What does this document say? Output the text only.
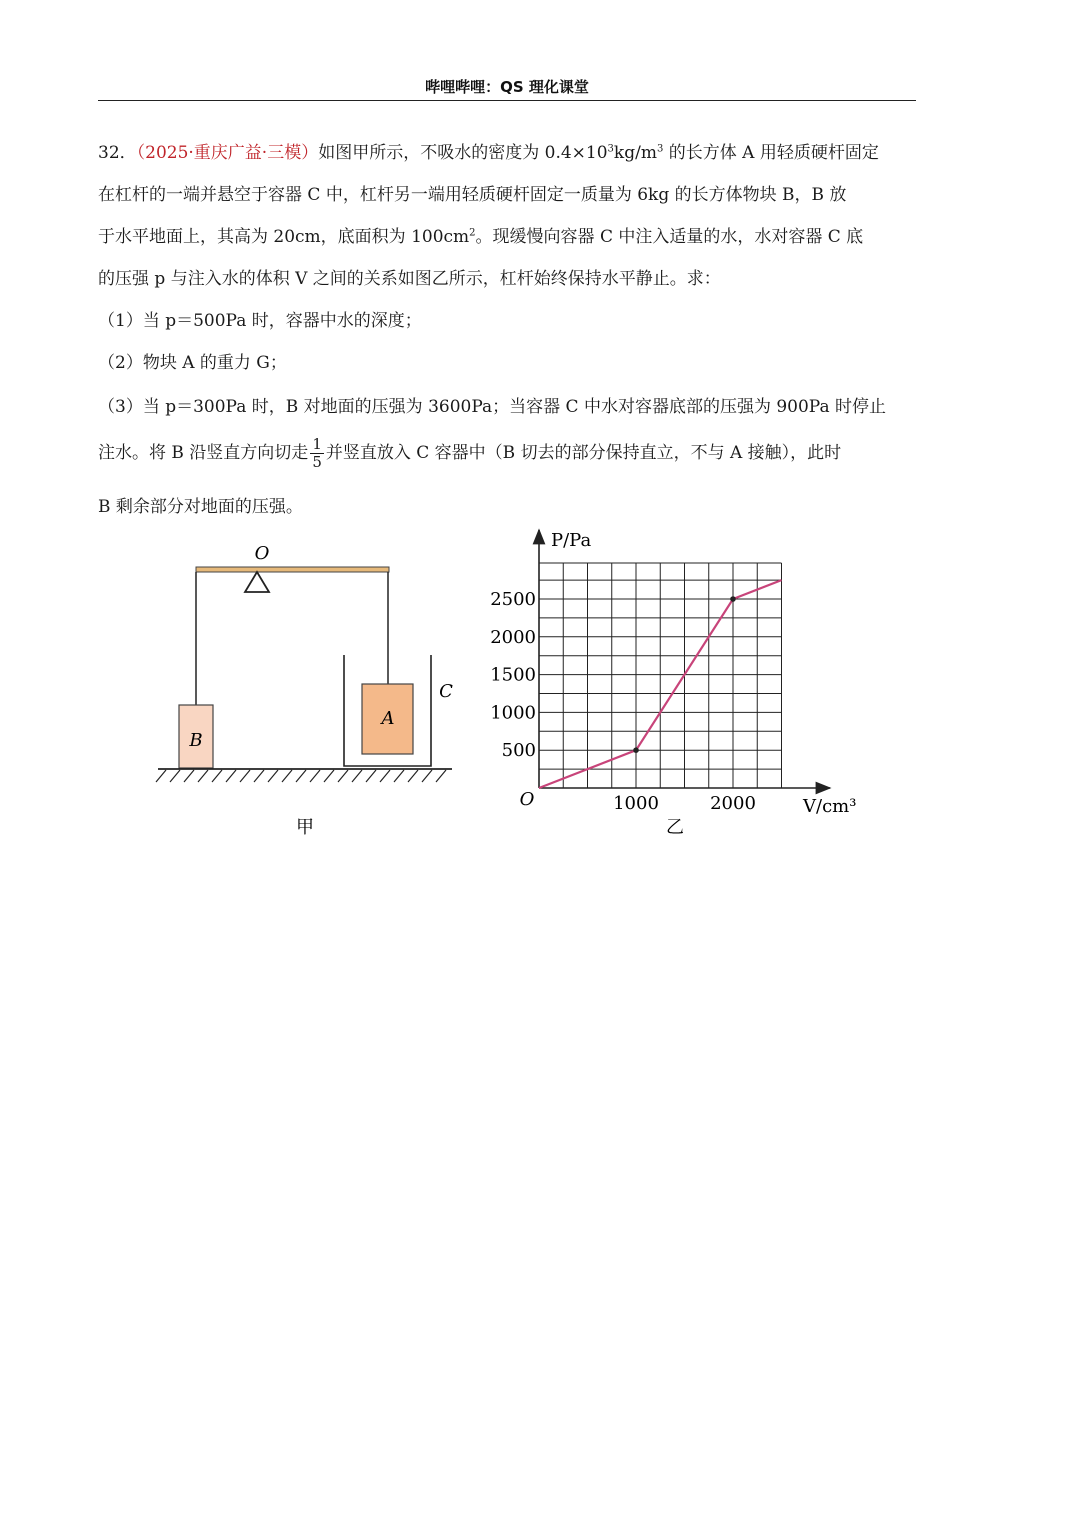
哔哩哔哩：QS 理化课堂
32．（2025·重庆广益·三模）如图甲所示，不吸水的密度为 $0.4\times 10^3kg/m^3$ 的长方体 A 用轻质硬杆固定
在杠杆的一端并悬空于容器 C 中，杠杆另一端用轻质硬杆固定一质量为 6kg 的长方体物块 B，B 放
于水平地面上，其高为 20cm，底面积为 $100cm^2$。现缓慢向容器 C 中注入适量的水，水对容器 C 底
的压强 p 与注入水的体积 V 之间的关系如图乙所示，杠杆始终保持水平静止。求：
（1）当 p＝500Pa 时，容器中水的深度；
（2）物块 A 的重力 G；
（3）当 p＝300Pa 时，B 对地面的压强为 3600Pa；当容器 C 中水对容器底部的压强为 900Pa 时停止
注水。将 B 沿竖直方向切走 $\frac{1}{5}$ 并竖直放入 C 容器中（B 切去的部分保持直立，不与 A 接触），此时
B 剩余部分对地面的压强。
O
B
A
C
甲
500
1000
1500
2000
2500
1000	2000
O
P/Pa
V/cm³
乙
